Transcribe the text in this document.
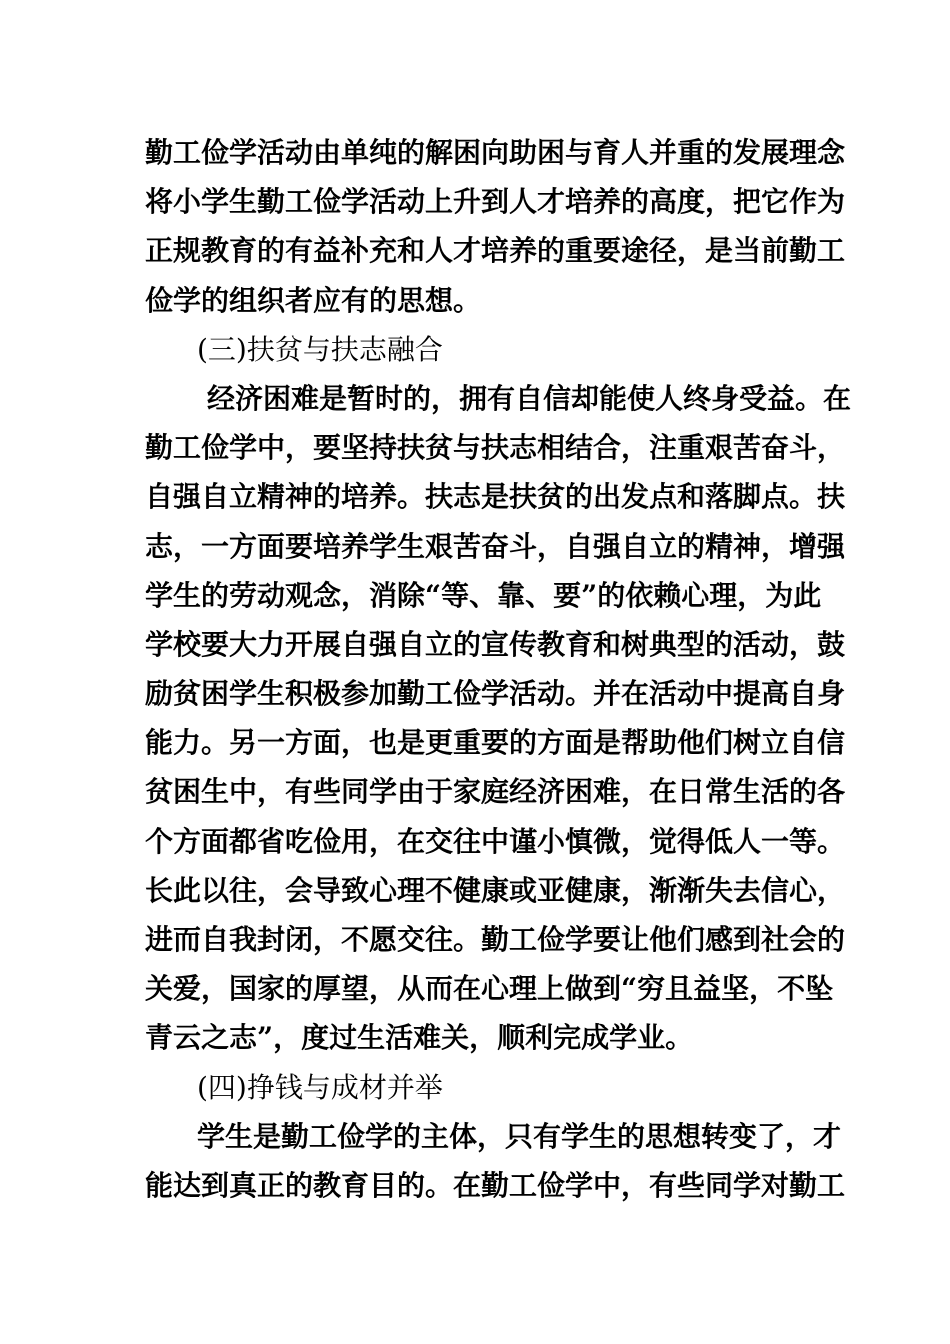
勤工俭学活动由单纯的解困向助困与育人并重的发展理念
将小学生勤工俭学活动上升到人才培养的高度，把它作为
正规教育的有益补充和人才培养的重要途径，是当前勤工
俭学的组织者应有的思想。
(三)扶贫与扶志融合
经济困难是暂时的，拥有自信却能使人终身受益。在
勤工俭学中，要坚持扶贫与扶志相结合，注重艰苦奋斗，
自强自立精神的培养。扶志是扶贫的出发点和落脚点。扶
志，一方面要培养学生艰苦奋斗，自强自立的精神，增强
学生的劳动观念，消除“等、靠、要”的依赖心理，为此
学校要大力开展自强自立的宣传教育和树典型的活动，鼓
励贫困学生积极参加勤工俭学活动。并在活动中提高自身
能力。另一方面，也是更重要的方面是帮助他们树立自信
贫困生中，有些同学由于家庭经济困难，在日常生活的各
个方面都省吃俭用，在交往中谨小慎微，觉得低人一等。
长此以往，会导致心理不健康或亚健康，渐渐失去信心，
进而自我封闭，不愿交往。勤工俭学要让他们感到社会的
关爱，国家的厚望，从而在心理上做到“穷且益坚，不坠
青云之志”，度过生活难关，顺利完成学业。
(四)挣钱与成材并举
学生是勤工俭学的主体，只有学生的思想转变了，才
能达到真正的教育目的。在勤工俭学中，有些同学对勤工
